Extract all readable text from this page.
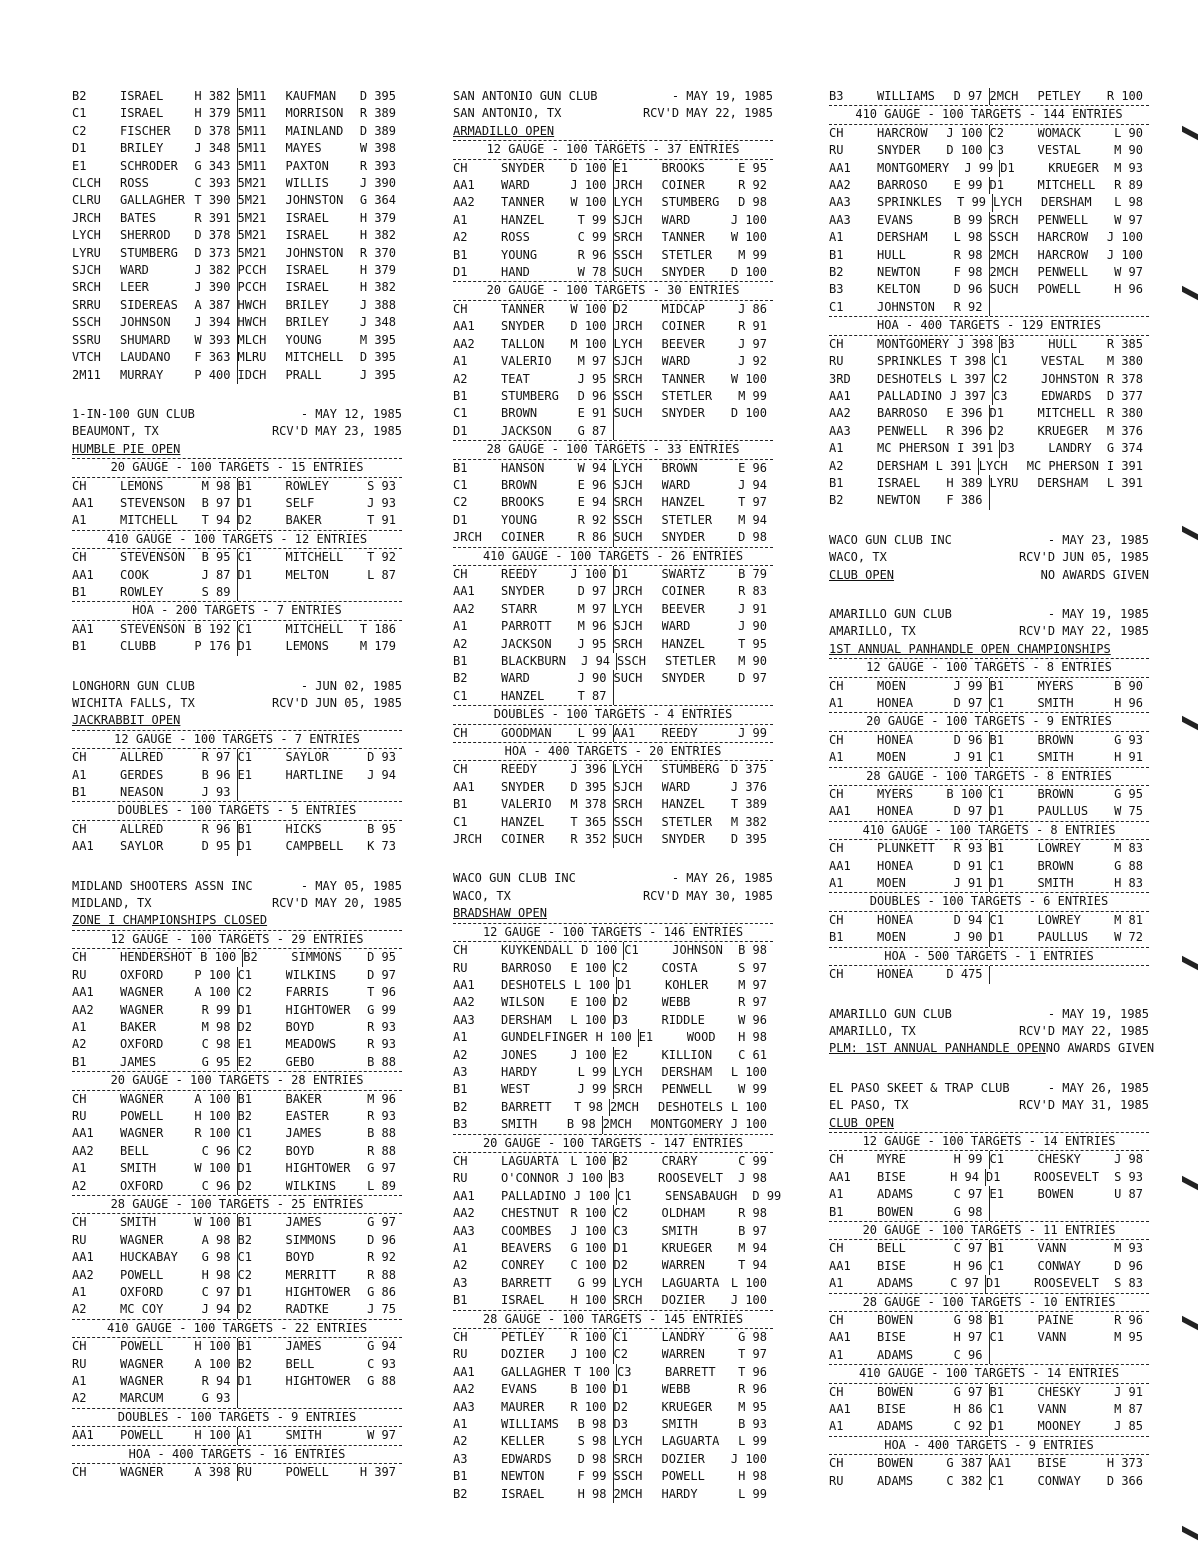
B2	ISRAEL	H 382 5M11	KAUFMAN	D 395
C1	ISRAEL	H 379 5M11	MORRISON	R 389
C2	FISCHER	D 378 5M11	MAINLAND	D 389
D1	BRILEY	J 348 5M11	MAYES	W 398
E1	SCHRODER	G 343 5M11	PAXTON	R 393
CLCH	ROSS	C 393 5M21	WILLIS	J 390
CLRU	GALLAGHER T 390 5M21	JOHNSTON	G 364
JRCH	BATES	R 391 5M21	ISRAEL	H 379
LYCH	SHERROD	D 378 5M21	ISRAEL	H 382
LYRU	STUMBERG	D 373 5M21	JOHNSTON	R 370
SJCH	WARD	J 382 PCCH	ISRAEL	H 379
SRCH	LEER	J 390 PCCH	ISRAEL	H 382
SRRU	SIDEREAS	A 387 HWCH	BRILEY	J 388
SSCH	JOHNSON	J 394 HWCH	BRILEY	J 348
SSRU	SHUMARD	W 393 MLCH	YOUNG	M 395
VTCH	LAUDANO	F 363 MLRU	MITCHELL	D 395
2M11	MURRAY	P 400 IDCH	PRALL	J 395
1-IN-100 GUN CLUB	- MAY 12, 1985
BEAUMONT, TX	RCV'D MAY 23, 1985
HUMBLE PIE OPEN
20 GAUGE - 100 TARGETS - 15 ENTRIES
CH	LEMONS	M 98 B1	ROWLEY	S 93
AA1	STEVENSON	B 97 D1	SELF	J 93
A1	MITCHELL	T 94 D2	BAKER	T 91
410 GAUGE - 100 TARGETS - 12 ENTRIES
CH	STEVENSON	B 95 C1	MITCHELL	T 92
AA1	COOK	J 87 D1	MELTON	L 87
B1	ROWLEY	S 89
HOA - 200 TARGETS - 7 ENTRIES
AA1	STEVENSON B 192 C1	MITCHELL	T 186
B1	CLUBB	P 176 D1	LEMONS	M 179
LONGHORN GUN CLUB	- JUN 02, 1985
WICHITA FALLS, TX	RCV'D JUN 05, 1985
JACKRABBIT OPEN
12 GAUGE - 100 TARGETS - 7 ENTRIES
CH	ALLRED	R 97 C1	SAYLOR	D 93
A1	GERDES	B 96 E1	HARTLINE	J 94
B1	NEASON	J 93
DOUBLES - 100 TARGETS - 5 ENTRIES
CH	ALLRED	R 96 B1	HICKS	B 95
AA1	SAYLOR	D 95 D1	CAMPBELL	K 73
MIDLAND SHOOTERS ASSN INC	- MAY 05, 1985
MIDLAND, TX	RCV'D MAY 20, 1985
ZONE I CHAMPIONSHIPS CLOSED
12 GAUGE - 100 TARGETS - 29 ENTRIES
CH	HENDERSHOT B 100 B2	SIMMONS	D 95
RU	OXFORD	P 100 C1	WILKINS	D 97
AA1	WAGNER	A 100 C2	FARRIS	T 96
AA2	WAGNER	R 99 D1	HIGHTOWER	G 99
A1	BAKER	M 98 D2	BOYD	R 93
A2	OXFORD	C 98 E1	MEADOWS	R 93
B1	JAMES	G 95 E2	GEBO	B 88
20 GAUGE - 100 TARGETS - 28 ENTRIES
CH	WAGNER	A 100 B1	BAKER	M 96
RU	POWELL	H 100 B2	EASTER	R 93
AA1	WAGNER	R 100 C1	JAMES	B 88
AA2	BELL	C 96 C2	BOYD	R 88
A1	SMITH	W 100 D1	HIGHTOWER	G 97
A2	OXFORD	C 96 D2	WILKINS	L 89
28 GAUGE - 100 TARGETS - 25 ENTRIES
CH	SMITH	W 100 B1	JAMES	G 97
RU	WAGNER	A 98 B2	SIMMONS	D 96
AA1	HUCKABAY	G 98 C1	BOYD	R 92
AA2	POWELL	H 98 C2	MERRITT	R 88
A1	OXFORD	C 97 D1	HIGHTOWER	G 86
A2	MC COY	J 94 D2	RADTKE	J 75
410 GAUGE - 100 TARGETS - 22 ENTRIES
CH	POWELL	H 100 B1	JAMES	G 94
RU	WAGNER	A 100 B2	BELL	C 93
A1	WAGNER	R 94 D1	HIGHTOWER	G 88
A2	MARCUM	G 93
DOUBLES - 100 TARGETS - 9 ENTRIES
AA1	POWELL	H 100 A1	SMITH	W 97
HOA - 400 TARGETS - 16 ENTRIES
CH	WAGNER	A 398 RU	POWELL	H 397
SAN ANTONIO GUN CLUB	- MAY 19, 1985
SAN ANTONIO, TX	RCV'D MAY 22, 1985
ARMADILLO OPEN
12 GAUGE - 100 TARGETS - 37 ENTRIES
CH	SNYDER	D 100 E1	BROOKS	E 95
AA1	WARD	J 100 JRCH	COINER	R 92
AA2	TANNER	W 100 LYCH	STUMBERG	D 98
A1	HANZEL	T 99 SJCH	WARD	J 100
A2	ROSS	C 99 SRCH	TANNER	W 100
B1	YOUNG	R 96 SSCH	STETLER	M 99
D1	HAND	W 78 SUCH	SNYDER	D 100
20 GAUGE - 100 TARGETS - 30 ENTRIES
CH	TANNER	W 100 D2	MIDCAP	J 86
AA1	SNYDER	D 100 JRCH	COINER	R 91
AA2	TALLON	M 100 LYCH	BEEVER	J 97
A1	VALERIO	M 97 SJCH	WARD	J 92
A2	TEAT	J 95 SRCH	TANNER	W 100
B1	STUMBERG	D 96 SSCH	STETLER	M 99
C1	BROWN	E 91 SUCH	SNYDER	D 100
D1	JACKSON	G 87
28 GAUGE - 100 TARGETS - 33 ENTRIES
B1	HANSON	W 94 LYCH	BROWN	E 96
C1	BROWN	E 96 SJCH	WARD	J 94
C2	BROOKS	E 94 SRCH	HANZEL	T 97
D1	YOUNG	R 92 SSCH	STETLER	M 94
JRCH	COINER	R 86 SUCH	SNYDER	D 98
410 GAUGE - 100 TARGETS - 26 ENTRIES
CH	REEDY	J 100 D1	SWARTZ	B 79
AA1	SNYDER	D 97 JRCH	COINER	R 83
AA2	STARR	M 97 LYCH	BEEVER	J 91
A1	PARROTT	M 96 SJCH	WARD	J 90
A2	JACKSON	J 95 SRCH	HANZEL	T 95
B1	BLACKBURN	J 94 SSCH	STETLER	M 90
B2	WARD	J 90 SUCH	SNYDER	D 97
C1	HANZEL	T 87
DOUBLES - 100 TARGETS - 4 ENTRIES
CH	GOODMAN	L 99 AA1	REEDY	J 99
HOA - 400 TARGETS - 20 ENTRIES
CH	REEDY	J 396 LYCH	STUMBERG D 375
AA1	SNYDER	D 395 SJCH	WARD	J 376
B1	VALERIO	M 378 SRCH	HANZEL	T 389
C1	HANZEL	T 365 SSCH	STETLER	M 382
JRCH	COINER	R 352 SUCH	SNYDER	D 395
WACO GUN CLUB INC	- MAY 26, 1985
WACO, TX	RCV'D MAY 30, 1985
BRADSHAW OPEN
12 GAUGE - 100 TARGETS - 146 ENTRIES
CH	KUYKENDALL D 100 C1	JOHNSON	B 98
RU	BARROSO	E 100 C2	COSTA	S 97
AA1	DESHOTELS L 100 D1	KOHLER	M 97
AA2	WILSON	E 100 D2	WEBB	R 97
AA3	DERSHAM	L 100 D3	RIDDLE	W 96
A1	GUNDELFINGER H 100 E1	WOOD	H 98
A2	JONES	J 100 E2	KILLION	C 61
A3	HARDY	L 99 LYCH	DERSHAM	L 100
B1	WEST	J 99 SRCH	PENWELL	W 99
B2	BARRETT	T 98 2MCH	DESHOTELS L 100
B3	SMITH	B 98 2MCH	MONTGOMERY J 100
20 GAUGE - 100 TARGETS - 147 ENTRIES
CH	LAGUARTA L 100 B2	CRARY	C 99
RU	O'CONNOR J 100 B3	ROOSEVELT	J 98
AA1	PALLADINO J 100 C1	SENSABAUGH	D 99
AA2	CHESTNUT R 100 C2	OLDHAM	R 98
AA3	COOMBES	J 100 C3	SMITH	B 97
A1	BEAVERS	G 100 D1	KRUEGER	M 94
A2	CONREY	C 100 D2	WARREN	T 94
A3	BARRETT	G 99 LYCH	LAGUARTA L 100
B1	ISRAEL	H 100 SRCH	DOZIER	J 100
28 GAUGE - 100 TARGETS - 145 ENTRIES
CH	PETLEY	R 100 C1	LANDRY	G 98
RU	DOZIER	J 100 C2	WARREN	T 97
AA1	GALLAGHER T 100 C3	BARRETT	T 96
AA2	EVANS	B 100 D1	WEBB	R 96
AA3	MAURER	R 100 D2	KRUEGER	M 95
A1	WILLIAMS	B 98 D3	SMITH	B 93
A2	KELLER	S 98 LYCH	LAGUARTA	L 99
A3	EDWARDS	D 98 SRCH	DOZIER	J 100
B1	NEWTON	F 99 SSCH	POWELL	H 98
B2	ISRAEL	H 98 2MCH	HARDY	L 99
B3	WILLIAMS	D 97 2MCH	PETLEY	R 100
410 GAUGE - 100 TARGETS - 144 ENTRIES
CH	HARCROW	J 100 C2	WOMACK	L 90
RU	SNYDER	D 100 C3	VESTAL	M 90
AA1	MONTGOMERY	J 99 D1	KRUEGER	M 93
AA2	BARROSO	E 99 D1	MITCHELL	R 89
AA3	SPRINKLES	T 99 LYCH	DERSHAM	L 98
AA3	EVANS	B 99 SRCH	PENWELL	W 97
A1	DERSHAM	L 98 SSCH	HARCROW	J 100
B1	HULL	R 98 2MCH	HARCROW	J 100
B2	NEWTON	F 98 2MCH	PENWELL	W 97
B3	KELTON	D 96 SUCH	POWELL	H 96
C1	JOHNSTON	R 92
HOA - 400 TARGETS - 129 ENTRIES
CH	MONTGOMERY J 398 B3	HULL	R 385
RU	SPRINKLES T 398 C1	VESTAL	M 380
3RD	DESHOTELS L 397 C2	JOHNSTON R 378
AA1	PALLADINO J 397 C3	EDWARDS	D 377
AA2	BARROSO	E 396 D1	MITCHELL R 380
AA3	PENWELL	R 396 D2	KRUEGER	M 376
A1	MC PHERSON I 391 D3	LANDRY	G 374
A2	DERSHAM L 391 LYCH	MC PHERSON I 391
B1	ISRAEL	H 389 LYRU	DERSHAM	L 391
B2	NEWTON	F 386
WACO GUN CLUB INC	- MAY 23, 1985
WACO, TX	RCV'D JUN 05, 1985
CLUB OPEN	NO AWARDS GIVEN
AMARILLO GUN CLUB	- MAY 19, 1985
AMARILLO, TX	RCV'D MAY 22, 1985
1ST ANNUAL PANHANDLE OPEN CHAMPIONSHIPS
12 GAUGE - 100 TARGETS - 8 ENTRIES
CH	MOEN	J 99 B1	MYERS	B 90
A1	HONEA	D 97 C1	SMITH	H 96
20 GAUGE - 100 TARGETS - 9 ENTRIES
CH	HONEA	D 96 B1	BROWN	G 93
A1	MOEN	J 91 C1	SMITH	H 91
28 GAUGE - 100 TARGETS - 8 ENTRIES
CH	MYERS	B 100 C1	BROWN	G 95
AA1	HONEA	D 97 D1	PAULLUS	W 75
410 GAUGE - 100 TARGETS - 8 ENTRIES
CH	PLUNKETT	R 93 B1	LOWREY	M 83
AA1	HONEA	D 91 C1	BROWN	G 88
A1	MOEN	J 91 D1	SMITH	H 83
DOUBLES - 100 TARGETS - 6 ENTRIES
CH	HONEA	D 94 C1	LOWREY	M 81
B1	MOEN	J 90 D1	PAULLUS	W 72
HOA - 500 TARGETS - 1 ENTRIES
CH	HONEA	D 475
AMARILLO GUN CLUB	- MAY 19, 1985
AMARILLO, TX	RCV'D MAY 22, 1985
PLM: 1ST ANNUAL PANHANDLE OPEN NO AWARDS GIVEN
EL PASO SKEET & TRAP CLUB	- MAY 26, 1985
EL PASO, TX	RCV'D MAY 31, 1985
CLUB OPEN
12 GAUGE - 100 TARGETS - 14 ENTRIES
CH	MYRE	H 99 C1	CHESKY	J 98
AA1	BISE	H 94 D1	ROOSEVELT	S 93
A1	ADAMS	C 97 E1	BOWEN	U 87
B1	BOWEN	G 98
20 GAUGE - 100 TARGETS - 11 ENTRIES
CH	BELL	C 97 B1	VANN	M 93
AA1	BISE	H 96 C1	CONWAY	D 96
A1	ADAMS	C 97 D1	ROOSEVELT	S 83
28 GAUGE - 100 TARGETS - 10 ENTRIES
CH	BOWEN	G 98 B1	PAINE	R 96
AA1	BISE	H 97 C1	VANN	M 95
A1	ADAMS	C 96
410 GAUGE - 100 TARGETS - 14 ENTRIES
CH	BOWEN	G 97 B1	CHESKY	J 91
AA1	BISE	H 86 C1	VANN	M 87
A1	ADAMS	C 92 D1	MOONEY	J 85
HOA - 400 TARGETS - 9 ENTRIES
CH	BOWEN	G 387 AA1	BISE	H 373
RU	ADAMS	C 382 C1	CONWAY	D 366
